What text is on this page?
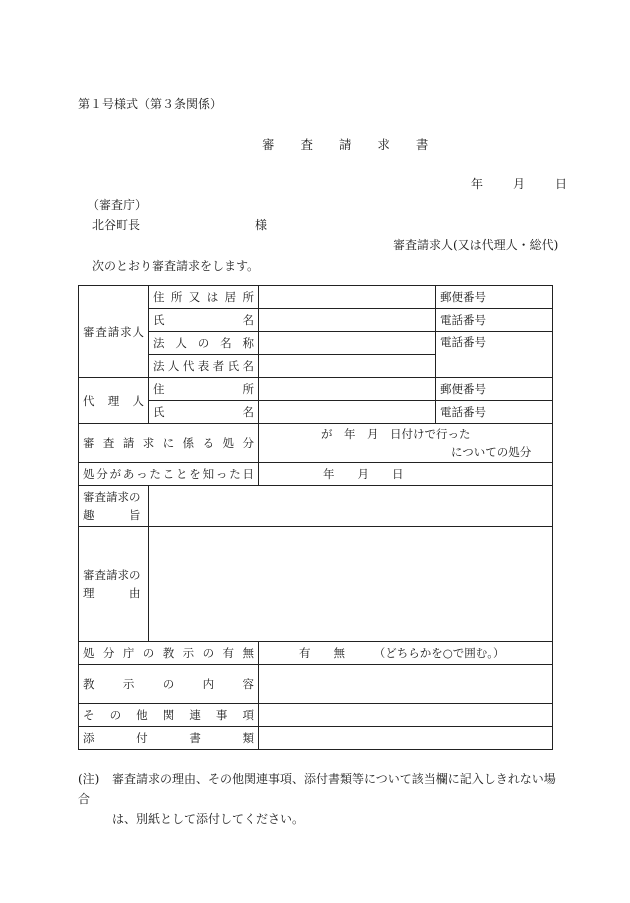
第１号様式（第３条関係）
審 査 請 求 書
年　　月　　日
（審査庁）
北谷町長	様
審査請求人(又は代理人・総代)
次のとおり審査請求をします。
審査請求人	住所又は居所		郵便番号
	氏名		電話番号
	法人の名称		電話番号
	法人代表者氏名		

代理人	住所		郵便番号
	氏名		電話番号
審査請求に係る処分		が　年　月　日付けで行った
についての処分	

処分があったことを知った日		年　　月　　日	

審査請求の
趣　　　旨			

審査請求の
理　　　由			

処分庁の教示の有無		有　　無　　　（どちらかを○で囲む。）	
教示の内容			
その他関連事項			
添付書類			
(注) 審査請求の理由、その他関連事項、添付書類等について該当欄に記入しきれない場合
は、別紙として添付してください。
